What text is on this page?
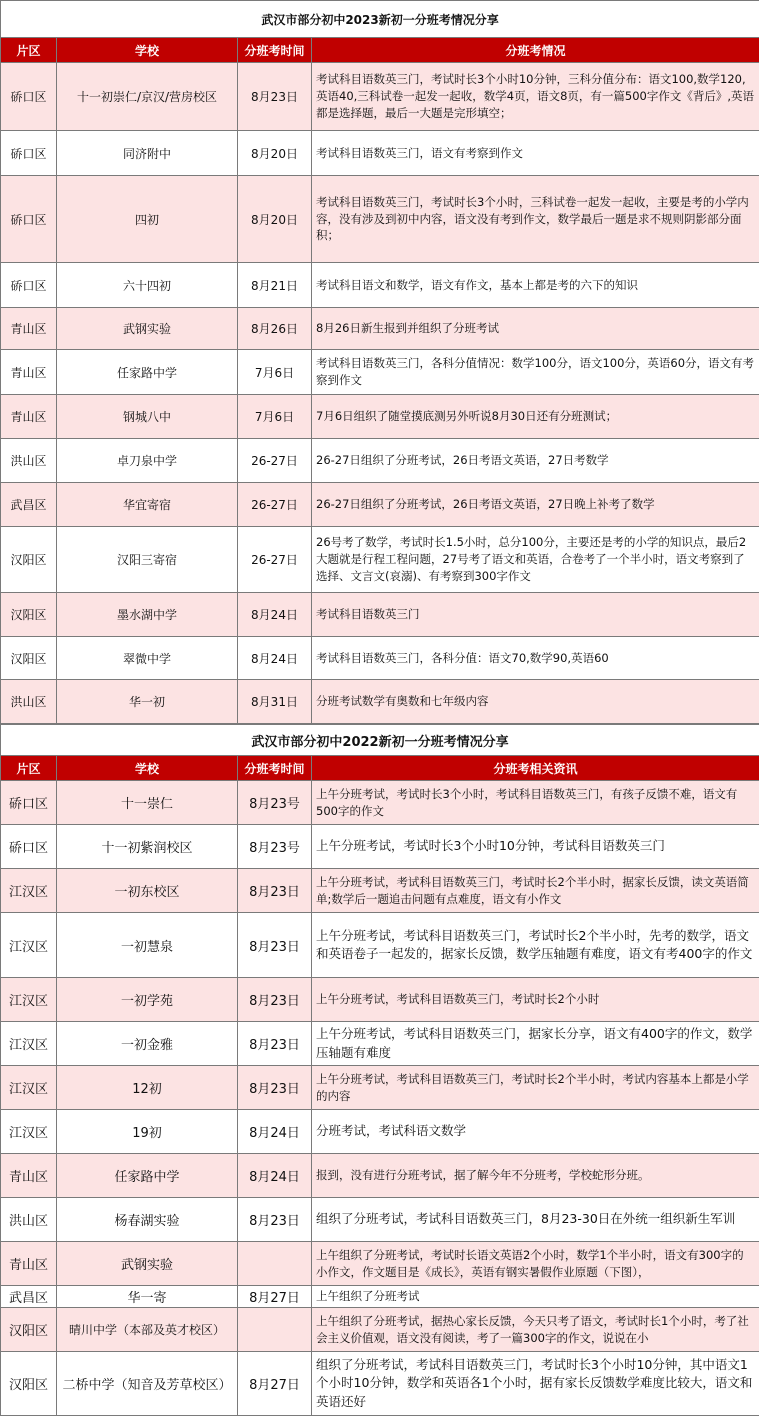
武汉市部分初中2023新初一分班考情况分享			
片区	学校	分班考时间	分班考情况
硚口区	十一初崇仁/京汉/营房校区	8月23日	考试科目语数英三门，考试时长3个小时10分钟，三科分值分布：语文100,数学120,英语40,三科试卷一起发一起收，数学4页，语文8页，有一篇500字作文《背后》,英语都是选择题，最后一大题是完形填空；
硚口区	同济附中	8月20日	考试科目语数英三门，语文有考察到作文
硚口区	四初	8月20日	考试科目语数英三门，考试时长3个小时，三科试卷一起发一起收，主要是考的小学内容，没有涉及到初中内容，语文没有考到作文，数学最后一题是求不规则阴影部分面积；
硚口区	六十四初	8月21日	考试科目语文和数学，语文有作文，基本上都是考的六下的知识
青山区	武钢实验	8月26日	8月26日新生报到并组织了分班考试
青山区	任家路中学	7月6日	考试科目语数英三门，各科分值情况：数学100分，语文100分，英语60分，语文有考察到作文
青山区	钢城八中	7月6日	7月6日组织了随堂摸底测另外听说8月30日还有分班测试；
洪山区	卓刀泉中学	26-27日	26-27日组织了分班考试，26日考语文英语，27日考数学
武昌区	华宜寄宿	26-27日	26-27日组织了分班考试，26日考语文英语，27日晚上补考了数学
汉阳区	汉阳三寄宿	26-27日	26号考了数学，考试时长1.5小时，总分100分，主要还是考的小学的知识点，最后2大题就是行程工程问题，27号考了语文和英语，合卷考了一个半小时，语文考察到了选择、文言文(哀溺)、有考察到300字作文
汉阳区	墨水湖中学	8月24日	考试科目语数英三门
汉阳区	翠微中学	8月24日	考试科目语数英三门，各科分值：语文70,数学90,英语60
洪山区	华一初	8月31日	分班考试数学有奥数和七年级内容
武汉市部分初中2022新初一分班考情况分享			
片区	学校	分班考时间	分班考相关资讯
硚口区	十一崇仁	8月23号	上午分班考试，考试时长3个小时，考试科目语数英三门，有孩子反馈不难，语文有500字的作文
硚口区	十一初紫润校区	8月23号	上午分班考试，考试时长3个小时10分钟，考试科目语数英三门
江汉区	一初东校区	8月23日	上午分班考试，考试科目语数英三门，考试时长2个半小时，据家长反馈，读文英语简单;数学后一题追击问题有点难度，语文有小作文
江汉区	一初慧泉	8月23日	上午分班考试，考试科目语数英三门，考试时长2个半小时，先考的数学，语文和英语卷子一起发的，据家长反馈，数学压轴题有难度，语文有考400字的作文
江汉区	一初学苑	8月23日	上午分班考试，考试科目语数英三门，考试时长2个小时
江汉区	一初金雅	8月23日	上午分班考试，考试科目语数英三门，据家长分享，语文有400字的作文，数学压轴题有难度
江汉区	12初	8月23日	上午分班考试，考试科目语数英三门，考试时长2个半小时，考试内容基本上都是小学的内容
江汉区	19初	8月24日	分班考试，考试科语文数学
青山区	任家路中学	8月24日	报到，没有进行分班考试，据了解今年不分班考，学校蛇形分班。
洪山区	杨春湖实验	8月23日	组织了分班考试，考试科目语数英三门，8月23-30日在外统一组织新生军训
青山区	武钢实验		上午组织了分班考试，考试时长语文英语2个小时，数学1个半小时，语文有300字的小作文，作文题目是《成长》，英语有钢实暑假作业原题（下图），
武昌区	华一寄	8月27日	上午组织了分班考试
汉阳区	晴川中学（本部及英才校区）		上午组织了分班考试，据热心家长反馈，今天只考了语文，考试时长1个小时，考了社会主义价值观，语文没有阅读，考了一篇300字的作文，说说在小
汉阳区	二桥中学（知音及芳草校区）	8月27日	组织了分班考试，考试科目语数英三门，考试时长3个小时10分钟，其中语文1个小时10分钟，数学和英语各1个小时，据有家长反馈数学难度比较大，语文和英语还好
